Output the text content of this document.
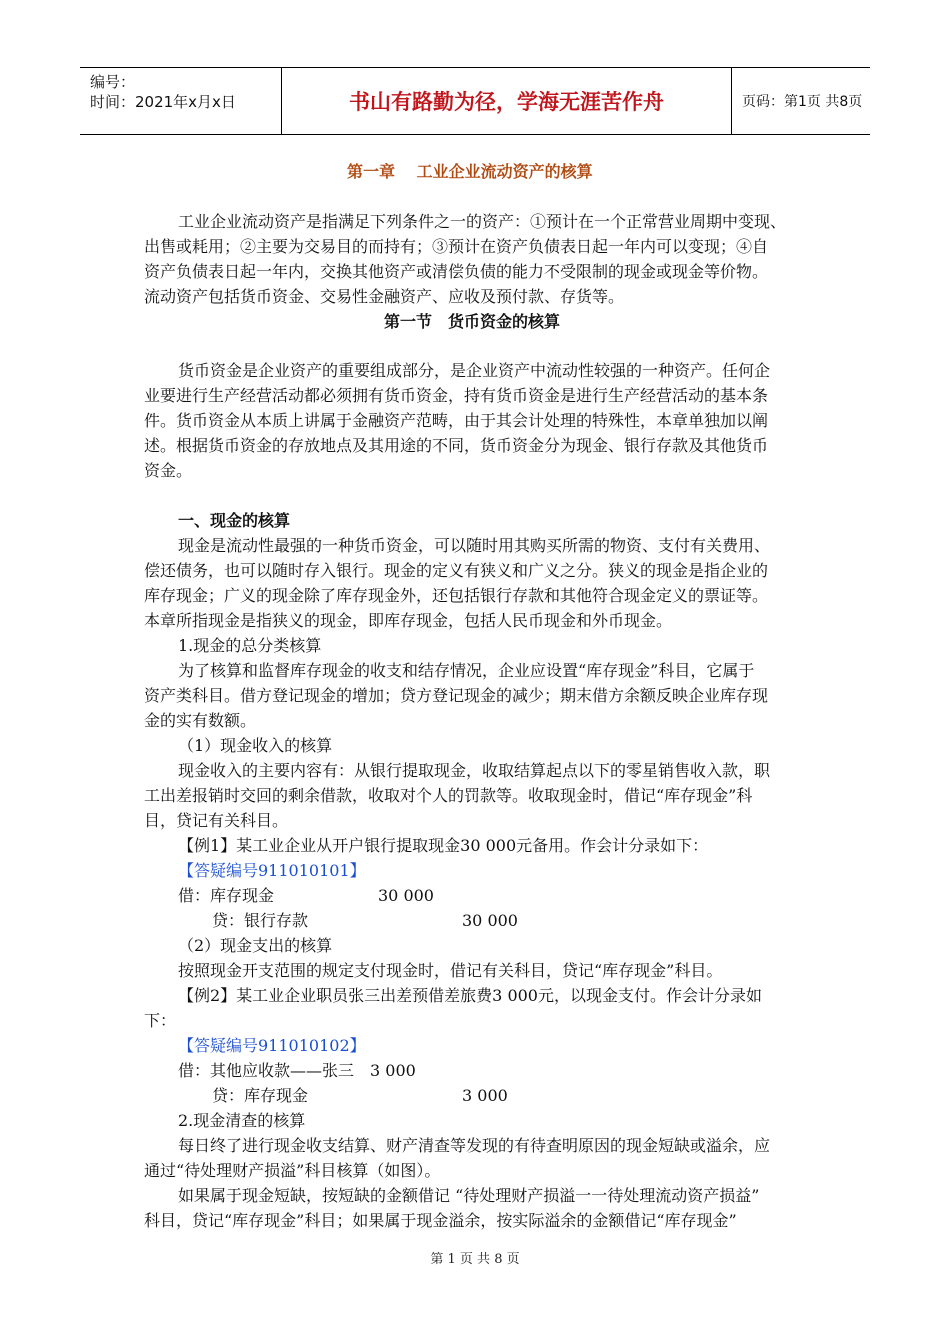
编号：
时间：2021年x月x日	书山有路勤为径，学海无涯苦作舟	页码：第1页 共8页
第一章　 工业企业流动资产的核算
工业企业流动资产是指满足下列条件之一的资产：①预计在一个正常营业周期中变现、
出售或耗用；②主要为交易目的而持有；③预计在资产负债表日起一年内可以变现；④自
资产负债表日起一年内，交换其他资产或清偿负债的能力不受限制的现金或现金等价物。
流动资产包括货币资金、交易性金融资产、应收及预付款、存货等。
第一节　货币资金的核算
货币资金是企业资产的重要组成部分，是企业资产中流动性较强的一种资产。任何企
业要进行生产经营活动都必须拥有货币资金，持有货币资金是进行生产经营活动的基本条
件。货币资金从本质上讲属于金融资产范畴，由于其会计处理的特殊性，本章单独加以阐
述。根据货币资金的存放地点及其用途的不同，货币资金分为现金、银行存款及其他货币
资金。
一、现金的核算
现金是流动性最强的一种货币资金，可以随时用其购买所需的物资、支付有关费用、
偿还债务，也可以随时存入银行。现金的定义有狭义和广义之分。狭义的现金是指企业的
库存现金；广义的现金除了库存现金外，还包括银行存款和其他符合现金定义的票证等。
本章所指现金是指狭义的现金，即库存现金，包括人民币现金和外币现金。
1.现金的总分类核算
为了核算和监督库存现金的收支和结存情况，企业应设置“库存现金”科目，它属于
资产类科目。借方登记现金的增加；贷方登记现金的减少；期末借方余额反映企业库存现
金的实有数额。
（1）现金收入的核算
现金收入的主要内容有：从银行提取现金，收取结算起点以下的零星销售收入款，职
工出差报销时交回的剩余借款，收取对个人的罚款等。收取现金时，借记“库存现金”科
目，贷记有关科目。
【例1】某工业企业从开户银行提取现金30 000元备用。作会计分录如下：
【答疑编号911010101】
借：库存现金	30 000
贷：银行存款	30 000
（2）现金支出的核算
按照现金开支范围的规定支付现金时，借记有关科目，贷记“库存现金”科目。
【例2】某工业企业职员张三出差预借差旅费3 000元，以现金支付。作会计分录如
下：
【答疑编号911010102】
借：其他应收款——张三　3 000
贷：库存现金	3 000
2.现金清查的核算
每日终了进行现金收支结算、财产清查等发现的有待查明原因的现金短缺或溢余，应
通过“待处理财产损溢”科目核算（如图）。
如果属于现金短缺，按短缺的金额借记 “待处理财产损溢一一待处理流动资产损益”
科目，贷记“库存现金”科目；如果属于现金溢余，按实际溢余的金额借记“库存现金”
第 1 页 共 8 页
